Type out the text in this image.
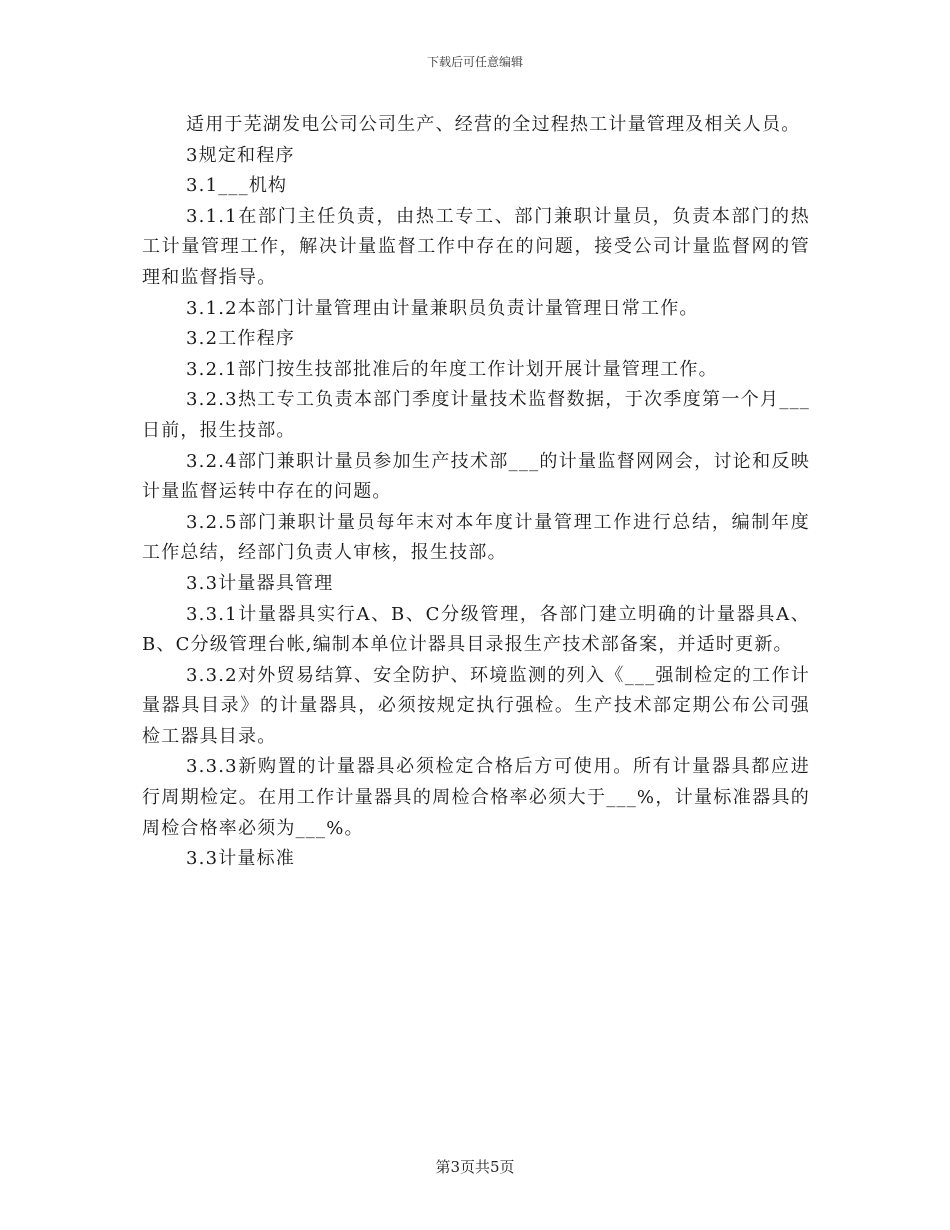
下载后可任意编辑

适用于芜湖发电公司公司生产、经营的全过程热工计量管理及相关人员。

3规定和程序

3.1___机构

3.1.1在部门主任负责，由热工专工、部门兼职计量员，负责本部门的热工计量管理工作，解决计量监督工作中存在的问题，接受公司计量监督网的管理和监督指导。

3.1.2本部门计量管理由计量兼职员负责计量管理日常工作。

3.2工作程序

3.2.1部门按生技部批准后的年度工作计划开展计量管理工作。

3.2.3热工专工负责本部门季度计量技术监督数据，于次季度第一个月___日前，报生技部。

3.2.4部门兼职计量员参加生产技术部___的计量监督网网会，讨论和反映计量监督运转中存在的问题。

3.2.5部门兼职计量员每年末对本年度计量管理工作进行总结，编制年度工作总结，经部门负责人审核，报生技部。

3.3计量器具管理

3.3.1计量器具实行A、B、C分级管理，各部门建立明确的计量器具A、B、C分级管理台帐,编制本单位计器具目录报生产技术部备案，并适时更新。

3.3.2对外贸易结算、安全防护、环境监测的列入《___强制检定的工作计量器具目录》的计量器具，必须按规定执行强检。生产技术部定期公布公司强检工器具目录。

3.3.3新购置的计量器具必须检定合格后方可使用。所有计量器具都应进行周期检定。在用工作计量器具的周检合格率必须大于___%，计量标准器具的周检合格率必须为___%。

3.3计量标准

第3页共5页
